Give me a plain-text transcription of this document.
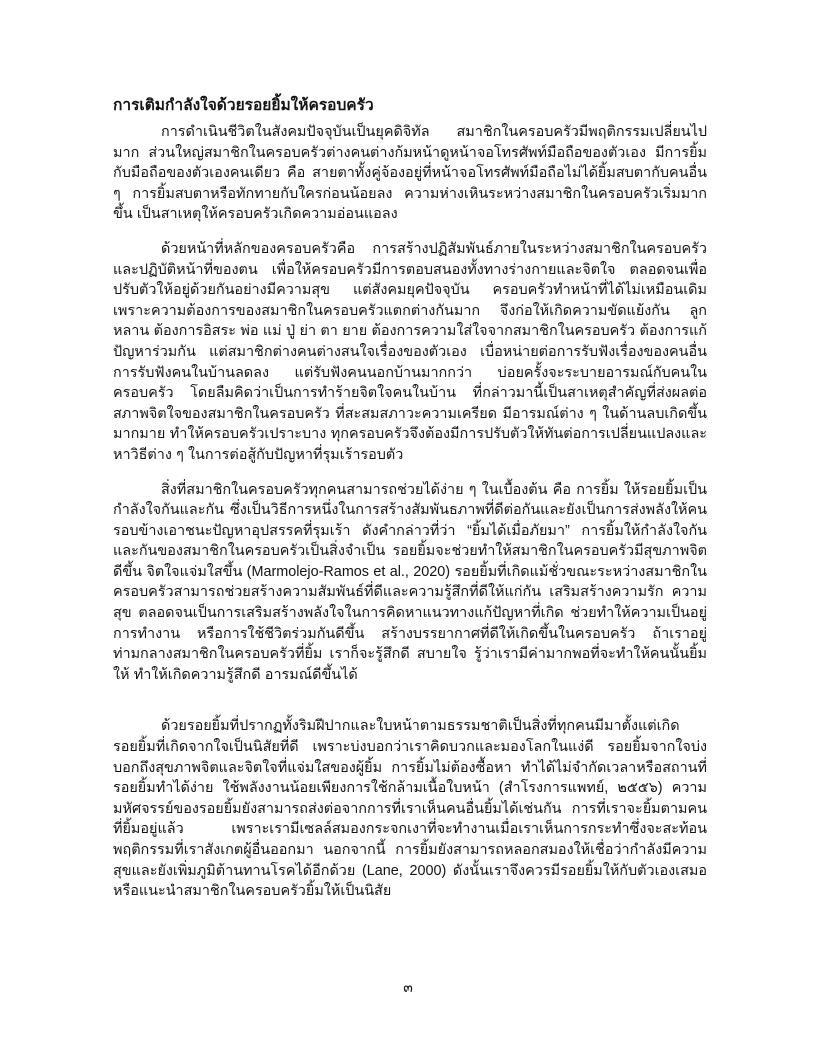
การเติมกำลังใจด้วยรอยยิ้มให้ครอบครัว

การดำเนินชีวิตในสังคมปัจจุบันเป็นยุคดิจิทัล สมาชิกในครอบครัวมีพฤติกรรมเปลี่ยนไปมาก ส่วนใหญ่สมาชิกในครอบครัวต่างคนต่างก้มหน้าดูหน้าจอโทรศัพท์มือถือของตัวเอง มีการยิ้มกับมือถือของตัวเองคนเดียว คือ สายตาทั้งคู่จ้องอยู่ที่หน้าจอโทรศัพท์มือถือไม่ได้ยิ้มสบตากับคนอื่น ๆ การยิ้มสบตาหรือทักทายกับใครก่อนน้อยลง ความห่างเหินระหว่างสมาชิกในครอบครัวเริ่มมากขึ้น เป็นสาเหตุให้ครอบครัวเกิดความอ่อนแอลง

ด้วยหน้าที่หลักของครอบครัวคือ การสร้างปฏิสัมพันธ์ภายในระหว่างสมาชิกในครอบครัว และปฏิบัติหน้าที่ของตน เพื่อให้ครอบครัวมีการตอบสนองทั้งทางร่างกายและจิตใจ ตลอดจนเพื่อปรับตัวให้อยู่ด้วยกันอย่างมีความสุข แต่สังคมยุคปัจจุบัน ครอบครัวทำหน้าที่ได้ไม่เหมือนเดิมเพราะความต้องการของสมาชิกในครอบครัวแตกต่างกันมาก จึงก่อให้เกิดความขัดแย้งกัน ลูก หลาน ต้องการอิสระ พ่อ แม่ ปู่ ย่า ตา ยาย ต้องการความใส่ใจจากสมาชิกในครอบครัว ต้องการแก้ปัญหาร่วมกัน แต่สมาชิกต่างคนต่างสนใจเรื่องของตัวเอง เบื่อหน่ายต่อการรับฟังเรื่องของคนอื่น การรับฟังคนในบ้านลดลง แต่รับฟังคนนอกบ้านมากกว่า บ่อยครั้งจะระบายอารมณ์กับคนในครอบครัว โดยลืมคิดว่าเป็นการทำร้ายจิตใจคนในบ้าน ที่กล่าวมานี้เป็นสาเหตุสำคัญที่ส่งผลต่อสภาพจิตใจของสมาชิกในครอบครัว ที่สะสมสภาวะความเครียด มีอารมณ์ต่าง ๆ ในด้านลบเกิดขึ้นมากมาย ทำให้ครอบครัวเปราะบาง ทุกครอบครัวจึงต้องมีการปรับตัวให้ทันต่อการเปลี่ยนแปลงและหาวิธีต่าง ๆ ในการต่อสู้กับปัญหาที่รุมเร้ารอบตัว

สิ่งที่สมาชิกในครอบครัวทุกคนสามารถช่วยได้ง่าย ๆ ในเบื้องต้น คือ การยิ้ม ให้รอยยิ้มเป็นกำลังใจกันและกัน ซึ่งเป็นวิธีการหนึ่งในการสร้างสัมพันธภาพที่ดีต่อกันและยังเป็นการส่งพลังให้คนรอบข้างเอาชนะปัญหาอุปสรรคที่รุมเร้า ดังคำกล่าวที่ว่า “ยิ้มได้เมื่อภัยมา” การยิ้มให้กำลังใจกันและกันของสมาชิกในครอบครัวเป็นสิ่งจำเป็น รอยยิ้มจะช่วยทำให้สมาชิกในครอบครัวมีสุขภาพจิตดีขึ้น จิตใจแจ่มใสขึ้น (Marmolejo-Ramos et al., 2020) รอยยิ้มที่เกิดแม้ชั่วขณะระหว่างสมาชิกในครอบครัวสามารถช่วยสร้างความสัมพันธ์ที่ดีและความรู้สึกที่ดีให้แก่กัน เสริมสร้างความรัก ความสุข ตลอดจนเป็นการเสริมสร้างพลังใจในการคิดหาแนวทางแก้ปัญหาที่เกิด ช่วยทำให้ความเป็นอยู่ การทำงาน หรือการใช้ชีวิตร่วมกันดีขึ้น สร้างบรรยากาศที่ดีให้เกิดขึ้นในครอบครัว ถ้าเราอยู่ท่ามกลางสมาชิกในครอบครัวที่ยิ้ม เราก็จะรู้สึกดี สบายใจ รู้ว่าเรามีค่ามากพอที่จะทำให้คนนั้นยิ้มให้ ทำให้เกิดความรู้สึกดี อารมณ์ดีขึ้นได้

ด้วยรอยยิ้มที่ปรากฏทั้งริมฝีปากและใบหน้าตามธรรมชาติเป็นสิ่งที่ทุกคนมีมาตั้งแต่เกิด รอยยิ้มที่เกิดจากใจเป็นนิสัยที่ดี เพราะบ่งบอกว่าเราคิดบวกและมองโลกในแง่ดี รอยยิ้มจากใจบ่งบอกถึงสุขภาพจิตและจิตใจที่แจ่มใสของผู้ยิ้ม การยิ้มไม่ต้องซื้อหา ทำได้ไม่จำกัดเวลาหรือสถานที่ รอยยิ้มทำได้ง่าย ใช้พลังงานน้อยเพียงการใช้กล้ามเนื้อใบหน้า (สำโรงการแพทย์, ๒๕๕๖) ความมหัศจรรย์ของรอยยิ้มยังสามารถส่งต่อจากการที่เราเห็นคนอื่นยิ้มได้เช่นกัน การที่เราจะยิ้มตามคนที่ยิ้มอยู่แล้ว เพราะเรามีเซลล์สมองกระจกเงาที่จะทำงานเมื่อเราเห็นการกระทำซึ่งจะสะท้อนพฤติกรรมที่เราสังเกตผู้อื่นออกมา นอกจากนี้ การยิ้มยังสามารถหลอกสมองให้เชื่อว่ากำลังมีความสุขและยังเพิ่มภูมิต้านทานโรคได้อีกด้วย (Lane, 2000) ดังนั้นเราจึงควรมีรอยยิ้มให้กับตัวเองเสมอ หรือแนะนำสมาชิกในครอบครัวยิ้มให้เป็นนิสัย

๓
